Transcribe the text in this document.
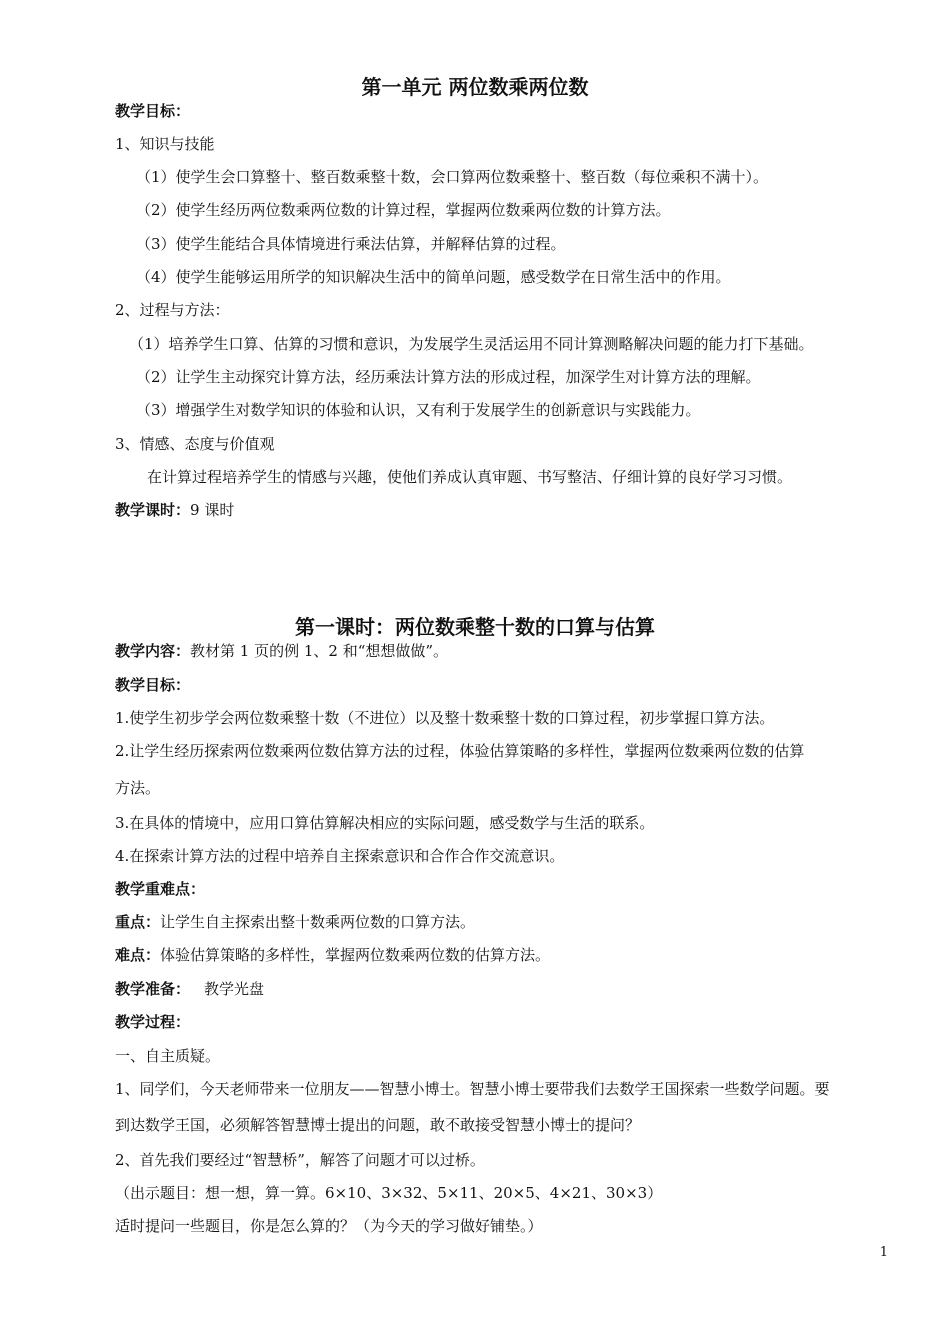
第一单元 两位数乘两位数
教学目标：
1、知识与技能
（1）使学生会口算整十、整百数乘整十数，会口算两位数乘整十、整百数（每位乘积不满十）。
（2）使学生经历两位数乘两位数的计算过程，掌握两位数乘两位数的计算方法。
（3）使学生能结合具体情境进行乘法估算，并解释估算的过程。
（4）使学生能够运用所学的知识解决生活中的简单问题，感受数学在日常生活中的作用。
2、过程与方法：
（1）培养学生口算、估算的习惯和意识，为发展学生灵活运用不同计算测略解决问题的能力打下基础。
（2）让学生主动探究计算方法，经历乘法计算方法的形成过程，加深学生对计算方法的理解。
（3）增强学生对数学知识的体验和认识，又有利于发展学生的创新意识与实践能力。
3、情感、态度与价值观
在计算过程培养学生的情感与兴趣，使他们养成认真审题、书写整洁、仔细计算的良好学习习惯。
教学课时：9 课时
第一课时：两位数乘整十数的口算与估算
教学内容：教材第 1 页的例 1、2 和“想想做做”。
教学目标：
1.使学生初步学会两位数乘整十数（不进位）以及整十数乘整十数的口算过程，初步掌握口算方法。
2.让学生经历探索两位数乘两位数估算方法的过程，体验估算策略的多样性，掌握两位数乘两位数的估算
方法。
3.在具体的情境中，应用口算估算解决相应的实际问题，感受数学与生活的联系。
4.在探索计算方法的过程中培养自主探索意识和合作合作交流意识。
教学重难点：
重点：让学生自主探索出整十数乘两位数的口算方法。
难点：体验估算策略的多样性，掌握两位数乘两位数的估算方法。
教学准备： 教学光盘
教学过程：
一、自主质疑。
1、同学们，今天老师带来一位朋友——智慧小博士。智慧小博士要带我们去数学王国探索一些数学问题。要
到达数学王国，必须解答智慧博士提出的问题，敢不敢接受智慧小博士的提问？
2、首先我们要经过“智慧桥”，解答了问题才可以过桥。
（出示题目：想一想，算一算。6×10、3×32、5×11、20×5、4×21、30×3）
适时提问一些题目，你是怎么算的？（为今天的学习做好铺垫。）
1
